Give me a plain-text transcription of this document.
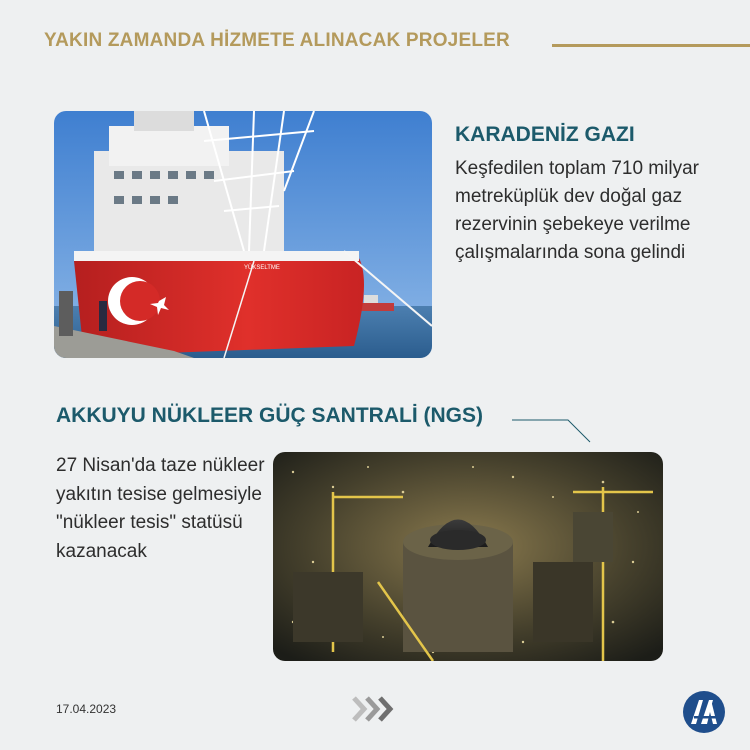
YAKIN ZAMANDA HİZMETE ALINACAK PROJELER
YÜKSELTME
KARADENİZ GAZI
Keşfedilen toplam 710 milyar metreküplük dev doğal gaz rezervinin şebekeye verilme çalışmalarında sona gelindi
AKKUYU NÜKLEER GÜÇ SANTRALİ (NGS)
27 Nisan'da taze nükleer yakıtın tesise gelmesiyle "nükleer tesis" statüsü kazanacak
17.04.2023
